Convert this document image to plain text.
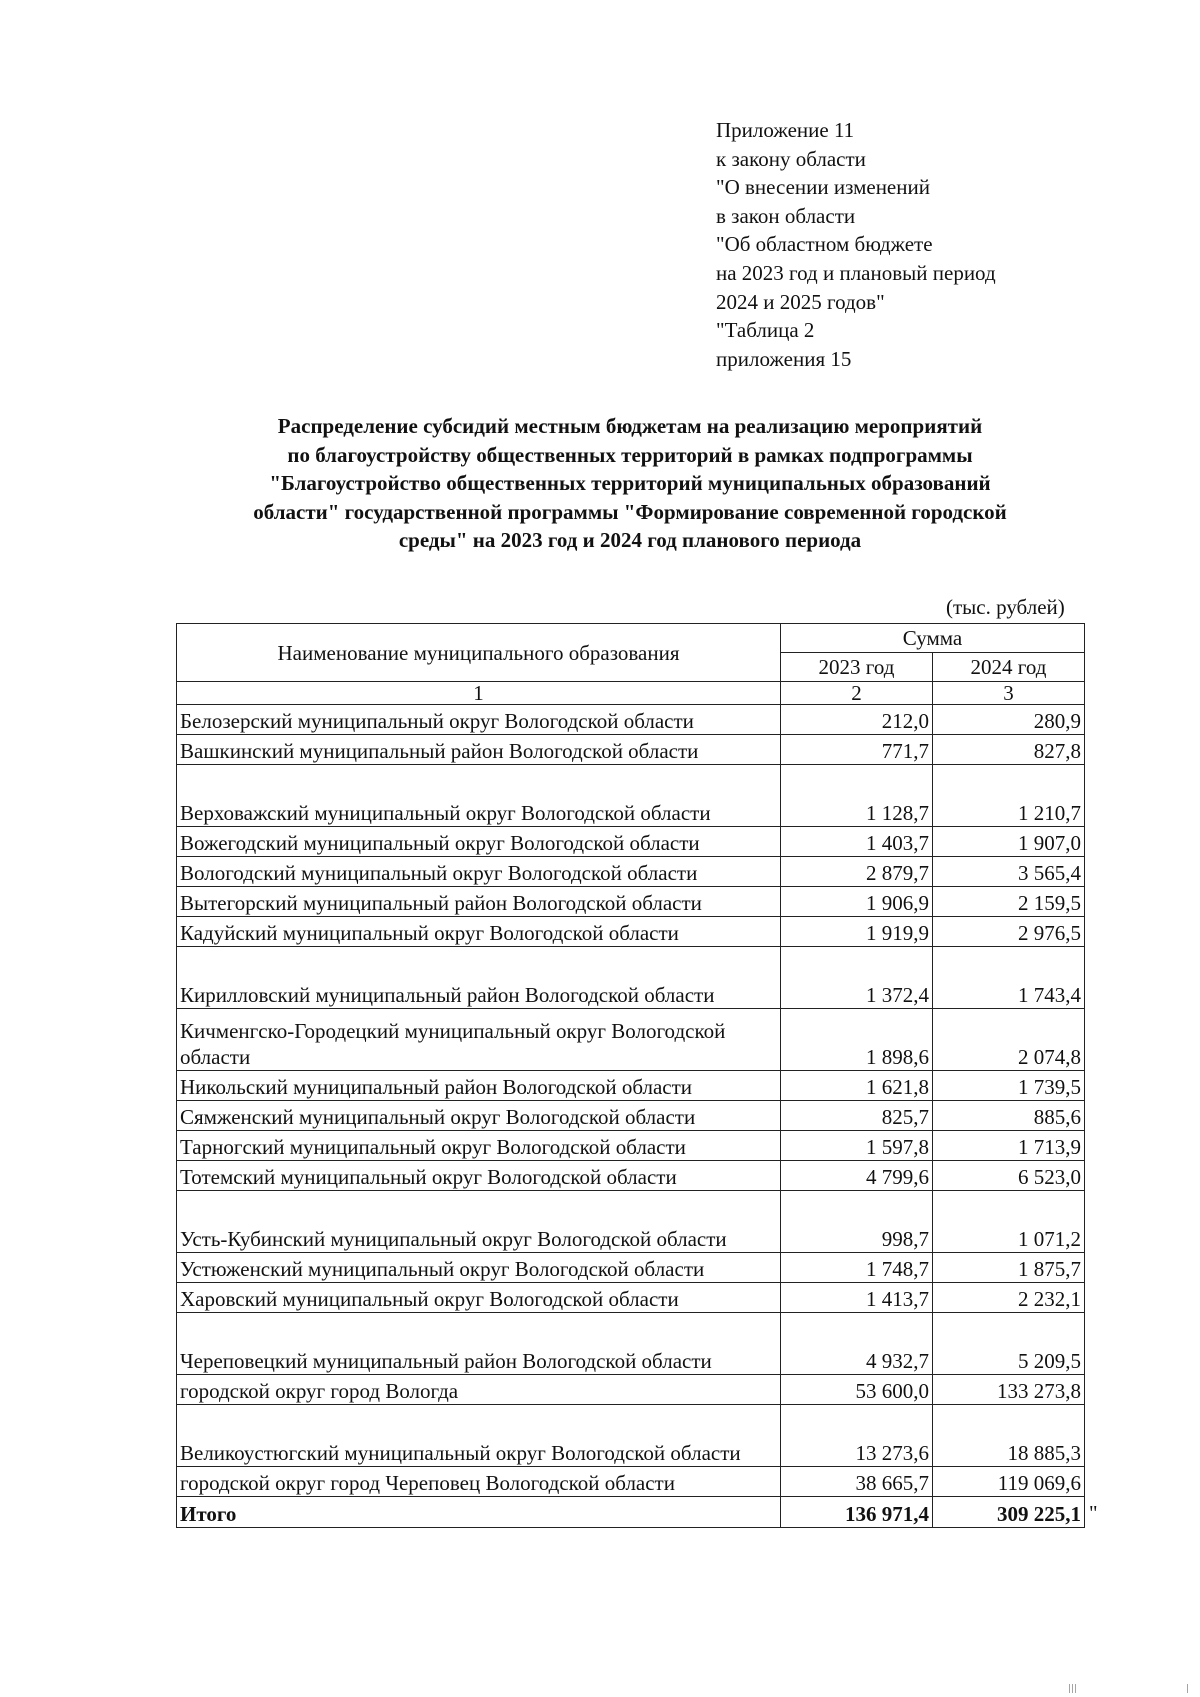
Приложение 11
к закону области
"О внесении изменений
в закон области
"Об областном бюджете
на 2023 год и плановый период
2024 и 2025 годов"
"Таблица 2
приложения 15
Распределение субсидий местным бюджетам на реализацию мероприятий
по благоустройству общественных территорий в рамках подпрограммы
"Благоустройство общественных территорий муниципальных образований
области" государственной программы "Формирование современной городской
среды" на 2023 год и 2024 год планового периода
(тыс. рублей)
Наименование муниципального образования	Сумма	
	2023 год	2024 год
1	2	3
Белозерский муниципальный округ Вологодской области	212,0	280,9
Вашкинский муниципальный район Вологодской области	771,7	827,8
Верховажский муниципальный округ Вологодской области	1 128,7	1 210,7
Вожегодский муниципальный округ Вологодской области	1 403,7	1 907,0
Вологодский муниципальный округ Вологодской области	2 879,7	3 565,4
Вытегорский муниципальный район Вологодской области	1 906,9	2 159,5
Кадуйский муниципальный округ Вологодской области	1 919,9	2 976,5
Кирилловский муниципальный район Вологодской области	1 372,4	1 743,4
Кичменгско-Городецкий муниципальный округ Вологодской области	1 898,6	2 074,8
Никольский муниципальный район Вологодской области	1 621,8	1 739,5
Сямженский муниципальный округ Вологодской области	825,7	885,6
Тарногский муниципальный округ Вологодской области	1 597,8	1 713,9
Тотемский муниципальный округ Вологодской области	4 799,6	6 523,0
Усть-Кубинский муниципальный округ Вологодской области	998,7	1 071,2
Устюженский муниципальный округ Вологодской области	1 748,7	1 875,7
Харовский муниципальный округ Вологодской области	1 413,7	2 232,1
Череповецкий муниципальный район Вологодской области	4 932,7	5 209,5
городской округ город Вологда	53 600,0	133 273,8
Великоустюгский муниципальный округ Вологодской области	13 273,6	18 885,3
городской округ город Череповец Вологодской области	38 665,7	119 069,6
Итого	136 971,4	309 225,1 "
|||	|
